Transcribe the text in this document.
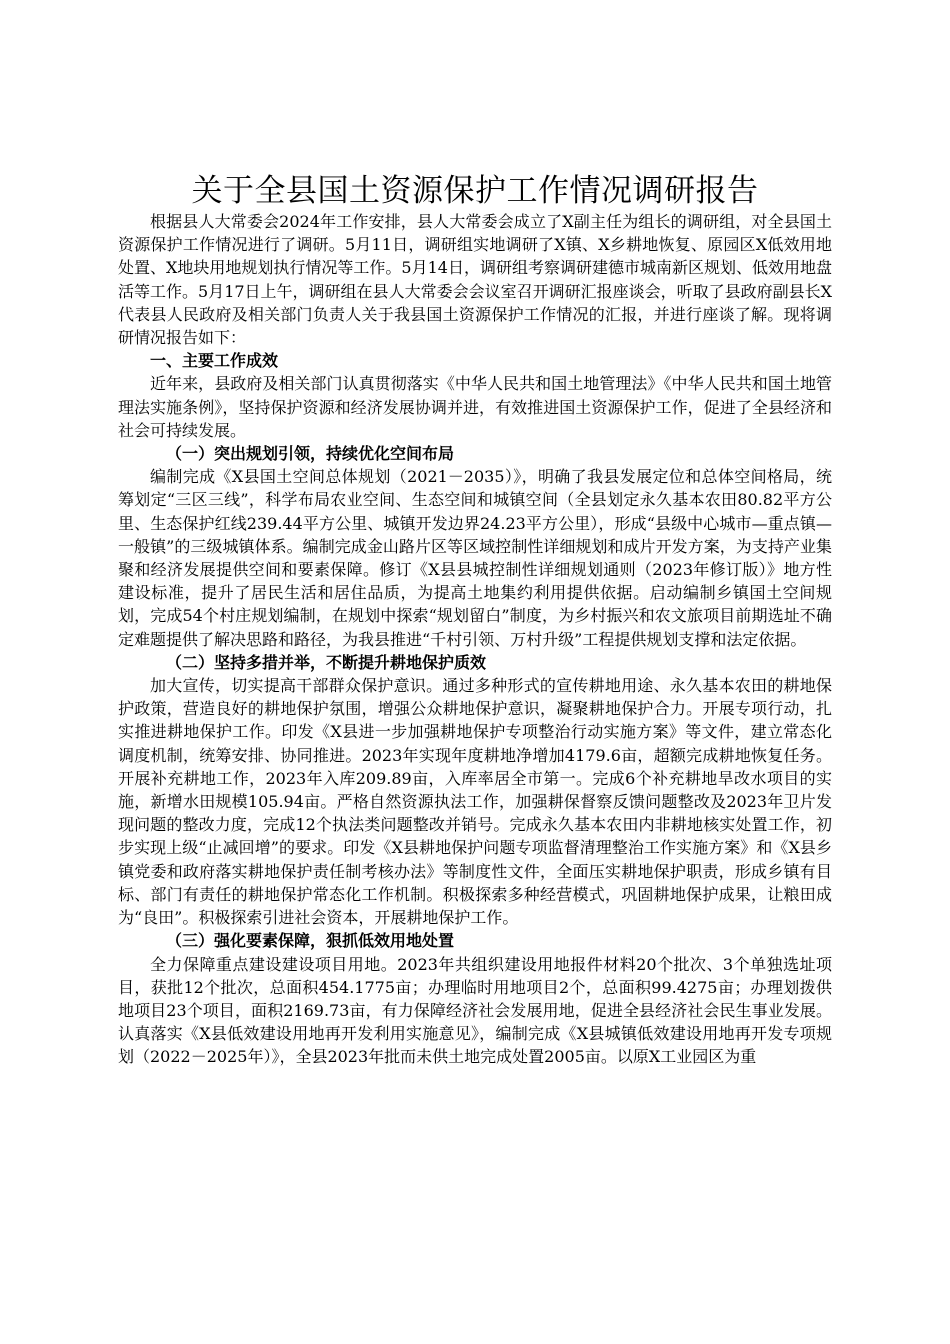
关于全县国土资源保护工作情况调研报告

根据县人大常委会2024年工作安排，县人大常委会成立了X副主任为组长的调研组，对全县国土资源保护工作情况进行了调研。5月11日，调研组实地调研了X镇、X乡耕地恢复、原园区X低效用地处置、X地块用地规划执行情况等工作。5月14日，调研组考察调研建德市城南新区规划、低效用地盘活等工作。5月17日上午，调研组在县人大常委会会议室召开调研汇报座谈会，听取了县政府副县长X代表县人民政府及相关部门负责人关于我县国土资源保护工作情况的汇报，并进行座谈了解。现将调研情况报告如下：

一、主要工作成效

近年来，县政府及相关部门认真贯彻落实《中华人民共和国土地管理法》《中华人民共和国土地管理法实施条例》，坚持保护资源和经济发展协调并进，有效推进国土资源保护工作，促进了全县经济和社会可持续发展。

（一）突出规划引领，持续优化空间布局

编制完成《X县国土空间总体规划（2021－2035）》，明确了我县发展定位和总体空间格局，统筹划定“三区三线”，科学布局农业空间、生态空间和城镇空间（全县划定永久基本农田80.82平方公里、生态保护红线239.44平方公里、城镇开发边界24.23平方公里），形成“县级中心城市—重点镇—一般镇”的三级城镇体系。编制完成金山路片区等区域控制性详细规划和成片开发方案，为支持产业集聚和经济发展提供空间和要素保障。修订《X县县城控制性详细规划通则（2023年修订版）》地方性建设标准，提升了居民生活和居住品质，为提高土地集约利用提供依据。启动编制乡镇国土空间规划，完成54个村庄规划编制，在规划中探索“规划留白”制度，为乡村振兴和农文旅项目前期选址不确定难题提供了解决思路和路径，为我县推进“千村引领、万村升级”工程提供规划支撑和法定依据。

（二）坚持多措并举，不断提升耕地保护质效

加大宣传，切实提高干部群众保护意识。通过多种形式的宣传耕地用途、永久基本农田的耕地保护政策，营造良好的耕地保护氛围，增强公众耕地保护意识，凝聚耕地保护合力。开展专项行动，扎实推进耕地保护工作。印发《X县进一步加强耕地保护专项整治行动实施方案》等文件，建立常态化调度机制，统筹安排、协同推进。2023年实现年度耕地净增加4179.6亩，超额完成耕地恢复任务。开展补充耕地工作，2023年入库209.89亩，入库率居全市第一。完成6个补充耕地旱改水项目的实施，新增水田规模105.94亩。严格自然资源执法工作，加强耕保督察反馈问题整改及2023年卫片发现问题的整改力度，完成12个执法类问题整改并销号。完成永久基本农田内非耕地核实处置工作，初步实现上级“止减回增”的要求。印发《X县耕地保护问题专项监督清理整治工作实施方案》和《X县乡镇党委和政府落实耕地保护责任制考核办法》等制度性文件，全面压实耕地保护职责，形成乡镇有目标、部门有责任的耕地保护常态化工作机制。积极探索多种经营模式，巩固耕地保护成果，让粮田成为“良田”。积极探索引进社会资本，开展耕地保护工作。

（三）强化要素保障，狠抓低效用地处置

全力保障重点建设建设项目用地。2023年共组织建设用地报件材料20个批次、3个单独选址项目，获批12个批次，总面积454.1775亩；办理临时用地项目2个，总面积99.4275亩；办理划拨供地项目23个项目，面积2169.73亩，有力保障经济社会发展用地，促进全县经济社会民生事业发展。认真落实《X县低效建设用地再开发利用实施意见》，编制完成《X县城镇低效建设用地再开发专项规划（2022－2025年）》，全县2023年批而未供土地完成处置2005亩。以原X工业园区为重
